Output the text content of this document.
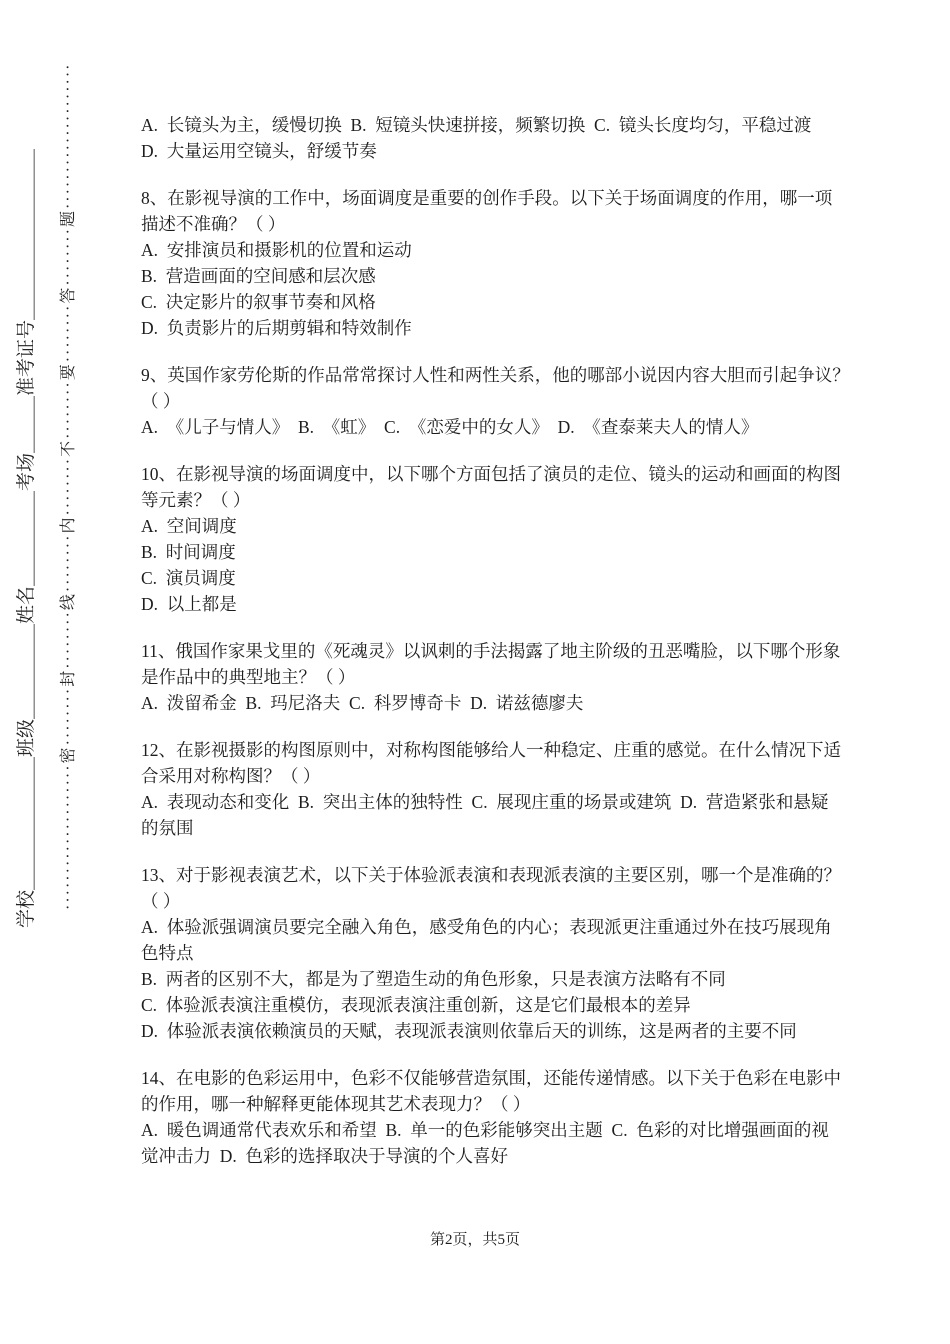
学校＿＿＿＿＿＿＿班级＿＿＿＿＿姓名＿＿＿＿＿考场＿＿＿准考证号＿＿＿＿＿＿＿＿＿ ····················密········封········线········内········不········要········答········题····················	A.  长镜头为主，缓慢切换  B.  短镜头快速拼接，频繁切换  C.  镜头长度均匀，平稳过渡

D.  大量运用空镜头，舒缓节奏

8、在影视导演的工作中，场面调度是重要的创作手段。以下关于场面调度的作用，哪一项

描述不准确？（ ）

A.  安排演员和摄影机的位置和运动

B.  营造画面的空间感和层次感

C.  决定影片的叙事节奏和风格

D.  负责影片的后期剪辑和特效制作

9、英国作家劳伦斯的作品常常探讨人性和两性关系，他的哪部小说因内容大胆而引起争议？

（ ）

A.  《儿子与情人》  B.  《虹》  C.  《恋爱中的女人》  D.  《查泰莱夫人的情人》

10、在影视导演的场面调度中，以下哪个方面包括了演员的走位、镜头的运动和画面的构图

等元素？（ ）

A.  空间调度

B.  时间调度

C.  演员调度

D.  以上都是

11、俄国作家果戈里的《死魂灵》以讽刺的手法揭露了地主阶级的丑恶嘴脸，以下哪个形象

是作品中的典型地主？（ ）

A.  泼留希金  B.  玛尼洛夫  C.  科罗博奇卡  D.  诺兹德廖夫

12、在影视摄影的构图原则中，对称构图能够给人一种稳定、庄重的感觉。在什么情况下适

合采用对称构图？（ ）

A.  表现动态和变化  B.  突出主体的独特性  C.  展现庄重的场景或建筑  D.  营造紧张和悬疑

的氛围

13、对于影视表演艺术，以下关于体验派表演和表现派表演的主要区别，哪一个是准确的？

（ ）

A.  体验派强调演员要完全融入角色，感受角色的内心；表现派更注重通过外在技巧展现角

色特点

B.  两者的区别不大，都是为了塑造生动的角色形象，只是表演方法略有不同

C.  体验派表演注重模仿，表现派表演注重创新，这是它们最根本的差异

D.  体验派表演依赖演员的天赋，表现派表演则依靠后天的训练，这是两者的主要不同

14、在电影的色彩运用中，色彩不仅能够营造氛围，还能传递情感。以下关于色彩在电影中

的作用，哪一种解释更能体现其艺术表现力？（ ）

A.  暖色调通常代表欢乐和希望  B.  单一的色彩能够突出主题  C.  色彩的对比增强画面的视

觉冲击力  D.  色彩的选择取决于导演的个人喜好

第2页，共5页
